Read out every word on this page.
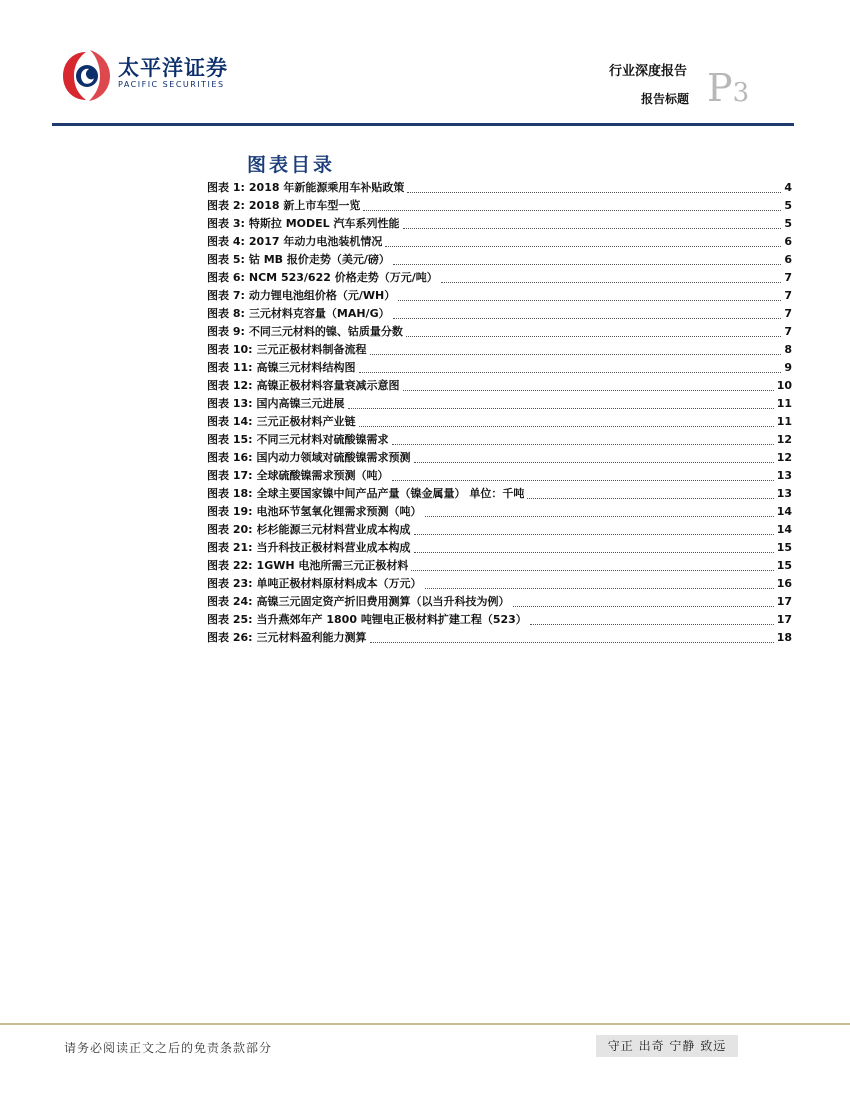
太平洋证券
PACIFIC SECURITIES
行业深度报告
报告标题 P3
图表目录
图表 1: 2018 年新能源乘用车补贴政策	4
图表 2: 2018 新上市车型一览	5
图表 3: 特斯拉 MODEL 汽车系列性能	5
图表 4: 2017 年动力电池装机情况	6
图表 5: 钴 MB 报价走势（美元/磅）	6
图表 6: NCM 523/622 价格走势（万元/吨）	7
图表 7: 动力锂电池组价格（元/WH）	7
图表 8: 三元材料克容量（MAH/G）	7
图表 9: 不同三元材料的镍、钴质量分数	7
图表 10: 三元正极材料制备流程	8
图表 11: 高镍三元材料结构图	9
图表 12: 高镍正极材料容量衰减示意图	10
图表 13: 国内高镍三元进展	11
图表 14: 三元正极材料产业链	11
图表 15: 不同三元材料对硫酸镍需求	12
图表 16: 国内动力领域对硫酸镍需求预测	12
图表 17: 全球硫酸镍需求预测（吨）	13
图表 18: 全球主要国家镍中间产品产量（镍金属量） 单位：千吨	13
图表 19: 电池环节氢氧化锂需求预测（吨）	14
图表 20: 杉杉能源三元材料营业成本构成	14
图表 21: 当升科技正极材料营业成本构成	15
图表 22: 1GWH 电池所需三元正极材料	15
图表 23: 单吨正极材料原材料成本（万元）	16
图表 24: 高镍三元固定资产折旧费用测算（以当升科技为例）	17
图表 25: 当升燕郊年产 1800 吨锂电正极材料扩建工程（523）	17
图表 26: 三元材料盈利能力测算	18
请务必阅读正文之后的免责条款部分	守正 出奇 宁静 致远
